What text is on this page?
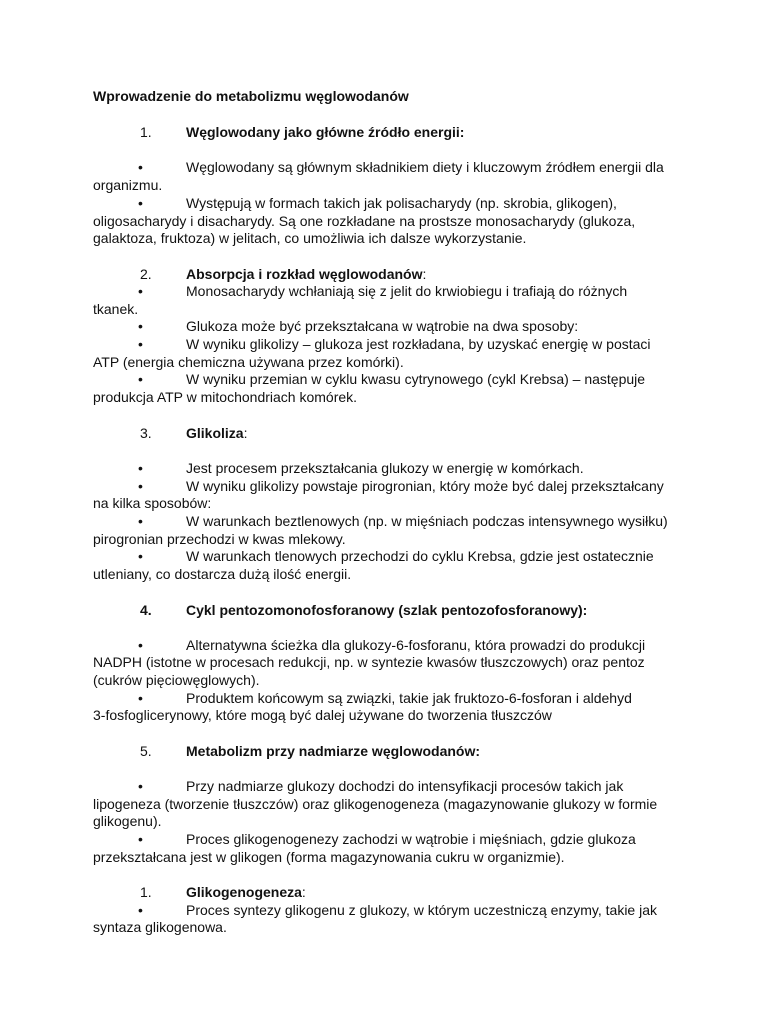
Wprowadzenie do metabolizmu węglowodanów
1. Węglowodany jako główne źródło energii:
•	Węglowodany są głównym składnikiem diety i kluczowym źródłem energii dla
organizmu.
•	Występują w formach takich jak polisacharydy (np. skrobia, glikogen),
oligosacharydy i disacharydy. Są one rozkładane na prostsze monosacharydy (glukoza,
galaktoza, fruktoza) w jelitach, co umożliwia ich dalsze wykorzystanie.
2. Absorpcja i rozkład węglowodanów:
•	Monosacharydy wchłaniają się z jelit do krwiobiegu i trafiają do różnych
tkanek.
•	Glukoza może być przekształcana w wątrobie na dwa sposoby:
•	W wyniku glikolizy – glukoza jest rozkładana, by uzyskać energię w postaci
ATP (energia chemiczna używana przez komórki).
•	W wyniku przemian w cyklu kwasu cytrynowego (cykl Krebsa) – następuje
produkcja ATP w mitochondriach komórek.
3. Glikoliza:
•	Jest procesem przekształcania glukozy w energię w komórkach.
•	W wyniku glikolizy powstaje pirogronian, który może być dalej przekształcany
na kilka sposobów:
•	W warunkach beztlenowych (np. w mięśniach podczas intensywnego wysiłku)
pirogronian przechodzi w kwas mlekowy.
•	W warunkach tlenowych przechodzi do cyklu Krebsa, gdzie jest ostatecznie
utleniany, co dostarcza dużą ilość energii.
4. Cykl pentozomonofosforanowy (szlak pentozofosforanowy):
•	Alternatywna ścieżka dla glukozy-6-fosforanu, która prowadzi do produkcji
NADPH (istotne w procesach redukcji, np. w syntezie kwasów tłuszczowych) oraz pentoz
(cukrów pięciowęglowych).
•	Produktem końcowym są związki, takie jak fruktozo-6-fosforan i aldehyd
3-fosfoglicerynowy, które mogą być dalej używane do tworzenia tłuszczów
5. Metabolizm przy nadmiarze węglowodanów:
•	Przy nadmiarze glukozy dochodzi do intensyfikacji procesów takich jak
lipogeneza (tworzenie tłuszczów) oraz glikogenogeneza (magazynowanie glukozy w formie
glikogenu).
•	Proces glikogenogenezy zachodzi w wątrobie i mięśniach, gdzie glukoza
przekształcana jest w glikogen (forma magazynowania cukru w organizmie).
1. Glikogenogeneza:
•	Proces syntezy glikogenu z glukozy, w którym uczestniczą enzymy, takie jak
syntaza glikogenowa.
